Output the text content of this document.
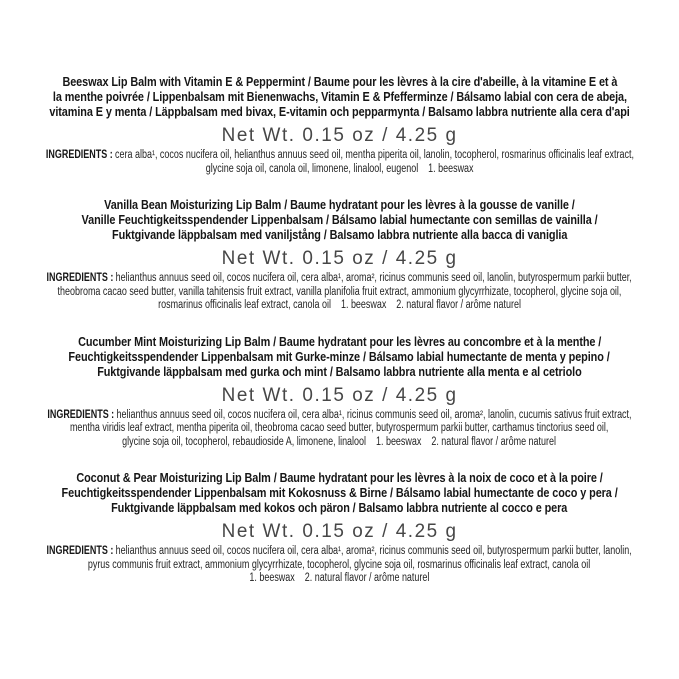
Beeswax Lip Balm with Vitamin E & Peppermint / Baume pour les lèvres à la cire d'abeille, à la vitamine E et à
la menthe poivrée / Lippenbalsam mit Bienenwachs, Vitamin E & Pfefferminze / Bálsamo labial con cera de abeja,
vitamina E y menta / Läppbalsam med bivax, E-vitamin och pepparmynta / Balsamo labbra nutriente alla cera d'api
Net Wt. 0.15 oz / 4.25 g
INGREDIENTS : cera alba¹, cocos nucifera oil, helianthus annuus seed oil, mentha piperita oil, lanolin, tocopherol, rosmarinus officinalis leaf extract,
glycine soja oil, canola oil, limonene, linalool, eugenol    1. beeswax
Vanilla Bean Moisturizing Lip Balm / Baume hydratant pour les lèvres à la gousse de vanille /
Vanille Feuchtigkeitsspendender Lippenbalsam / Bálsamo labial humectante con semillas de vainilla /
Fuktgivande läppbalsam med vaniljstång / Balsamo labbra nutriente alla bacca di vaniglia
Net Wt. 0.15 oz / 4.25 g
INGREDIENTS : helianthus annuus seed oil, cocos nucifera oil, cera alba¹, aroma², ricinus communis seed oil, lanolin, butyrospermum parkii butter,
theobroma cacao seed butter, vanilla tahitensis fruit extract, vanilla planifolia fruit extract, ammonium glycyrrhizate, tocopherol, glycine soja oil,
rosmarinus officinalis leaf extract, canola oil    1. beeswax    2. natural flavor / arôme naturel
Cucumber Mint Moisturizing Lip Balm / Baume hydratant pour les lèvres au concombre et à la menthe /
Feuchtigkeitsspendender Lippenbalsam mit Gurke-minze / Bálsamo labial humectante de menta y pepino /
Fuktgivande läppbalsam med gurka och mint / Balsamo labbra nutriente alla menta e al cetriolo
Net Wt. 0.15 oz / 4.25 g
INGREDIENTS : helianthus annuus seed oil, cocos nucifera oil, cera alba¹, ricinus communis seed oil, aroma², lanolin, cucumis sativus fruit extract,
mentha viridis leaf extract, mentha piperita oil, theobroma cacao seed butter, butyrospermum parkii butter, carthamus tinctorius seed oil,
glycine soja oil, tocopherol, rebaudioside A, limonene, linalool    1. beeswax    2. natural flavor / arôme naturel
Coconut & Pear Moisturizing Lip Balm / Baume hydratant pour les lèvres à la noix de coco et à la poire /
Feuchtigkeitsspendender Lippenbalsam mit Kokosnuss & Birne / Bálsamo labial humectante de coco y pera /
Fuktgivande läppbalsam med kokos och päron / Balsamo labbra nutriente al cocco e pera
Net Wt. 0.15 oz / 4.25 g
INGREDIENTS : helianthus annuus seed oil, cocos nucifera oil, cera alba¹, aroma², ricinus communis seed oil, butyrospermum parkii butter, lanolin,
pyrus communis fruit extract, ammonium glycyrrhizate, tocopherol, glycine soja oil, rosmarinus officinalis leaf extract, canola oil
1. beeswax    2. natural flavor / arôme naturel
